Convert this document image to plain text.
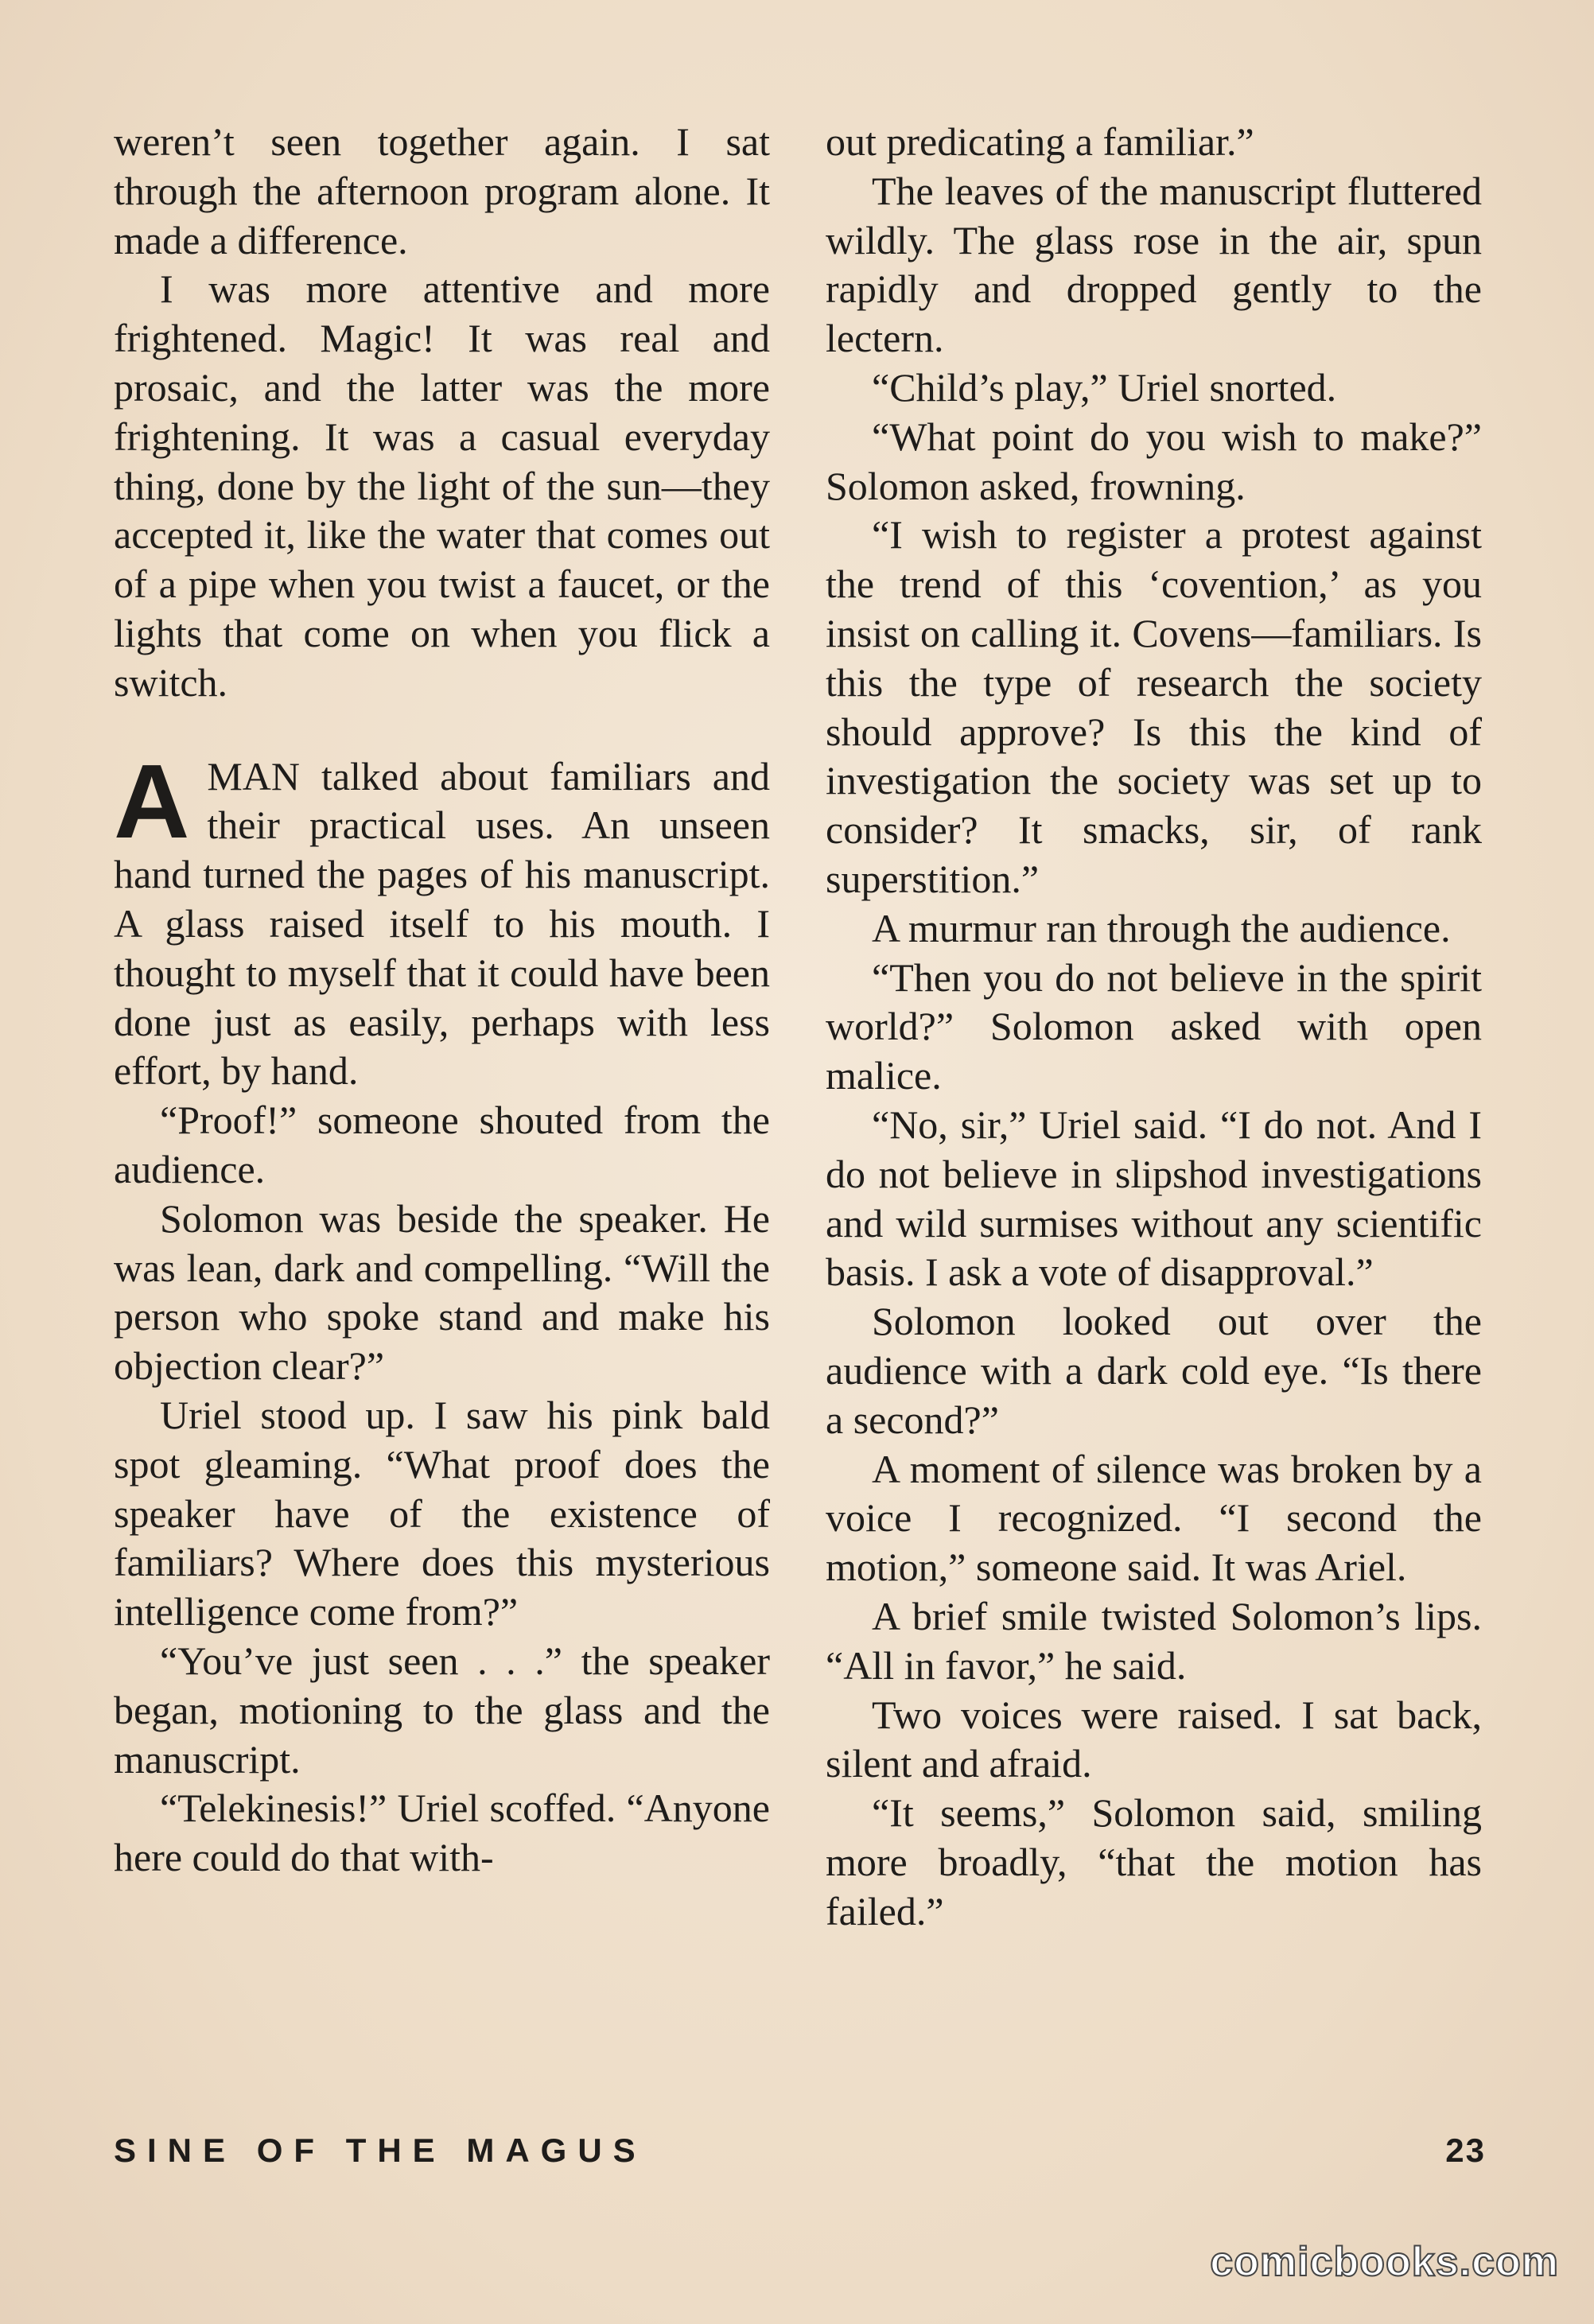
weren’t seen together again. I sat through the afternoon program alone. It made a difference.

I was more attentive and more frightened. Magic! It was real and prosaic, and the latter was the more frightening. It was a casual everyday thing, done by the light of the sun—they accepted it, like the water that comes out of a pipe when you twist a faucet, or the lights that come on when you flick a switch.

AMAN talked about familiars and their practical uses. An unseen hand turned the pages of his manuscript. A glass raised itself to his mouth. I thought to myself that it could have been done just as easily, perhaps with less effort, by hand.

“Proof!” someone shouted from the audience.

Solomon was beside the speaker. He was lean, dark and compelling. “Will the person who spoke stand and make his objection clear?”

Uriel stood up. I saw his pink bald spot gleaming. “What proof does the speaker have of the existence of familiars? Where does this mysterious intelligence come from?”

“You’ve just seen . . .” the speaker began, motioning to the glass and the manuscript.

“Telekinesis!” Uriel scoffed. “Anyone here could do that with-

out predicating a familiar.”

The leaves of the manuscript fluttered wildly. The glass rose in the air, spun rapidly and dropped gently to the lectern.

“Child’s play,” Uriel snorted.

“What point do you wish to make?” Solomon asked, frowning.

“I wish to register a protest against the trend of this ‘covention,’ as you insist on calling it. Covens—familiars. Is this the type of research the society should approve? Is this the kind of investigation the society was set up to consider? It smacks, sir, of rank superstition.”

A murmur ran through the audience.

“Then you do not believe in the spirit world?” Solomon asked with open malice.

“No, sir,” Uriel said. “I do not. And I do not believe in slipshod investigations and wild surmises without any scientific basis. I ask a vote of disapproval.”

Solomon looked out over the audience with a dark cold eye. “Is there a second?”

A moment of silence was broken by a voice I recognized. “I second the motion,” someone said. It was Ariel.

A brief smile twisted Solomon’s lips. “All in favor,” he said.

Two voices were raised. I sat back, silent and afraid.

“It seems,” Solomon said, smiling more broadly, “that the motion has failed.”

SINE OF THE MAGUS	23
comicbooks.com
